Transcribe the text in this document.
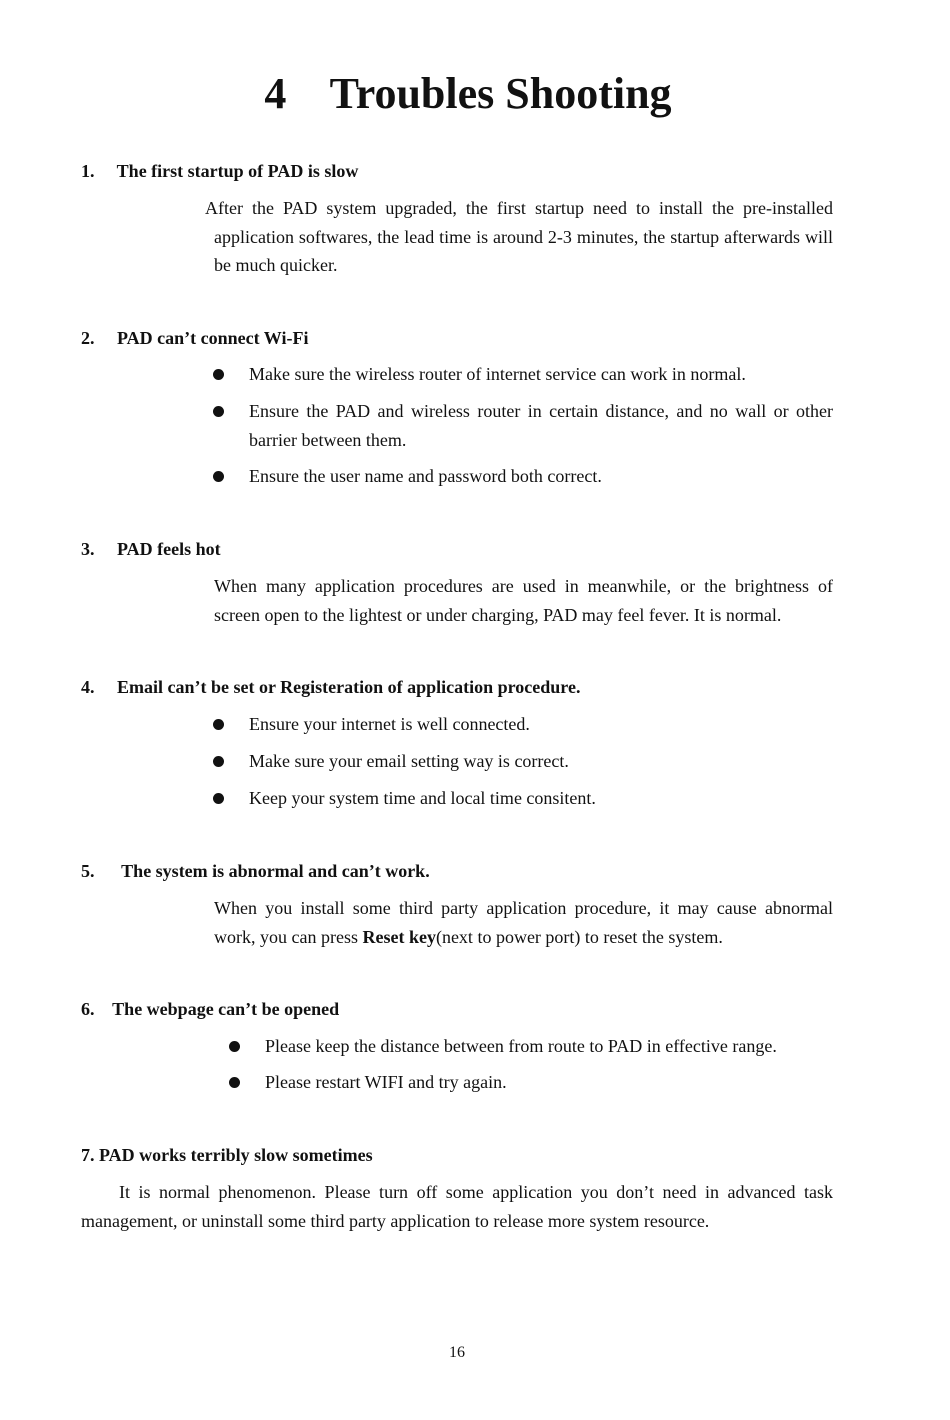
4    Troubles Shooting
1.     The first startup of PAD is slow
After the PAD system upgraded, the first startup need to install the pre-installed application softwares, the lead time is around 2-3 minutes, the startup afterwards will be much quicker.
2.     PAD can’t connect Wi-Fi
Make sure the wireless router of internet service can work in normal.
Ensure the PAD and wireless router in certain distance, and no wall or other barrier between them.
Ensure the user name and password both correct.
3.     PAD feels hot
When many application procedures are used in meanwhile, or the brightness of screen open to the lightest or under charging, PAD may feel fever. It is normal.
4.     Email can’t be set or Registeration of application procedure.
Ensure your internet is well connected.
Make sure your email setting way is correct.
Keep your system time and local time consitent.
5.      The system is abnormal and can’t work.
When you install some third party application procedure, it may cause abnormal work, you can press Reset key(next to power port) to reset the system.
6.    The webpage can’t be opened
Please keep the distance between from route to PAD in effective range.
Please restart WIFI and try again.
7. PAD works terribly slow sometimes
It is normal phenomenon. Please turn off some application you don’t need in advanced task management, or uninstall some third party application to release more system resource.
16
